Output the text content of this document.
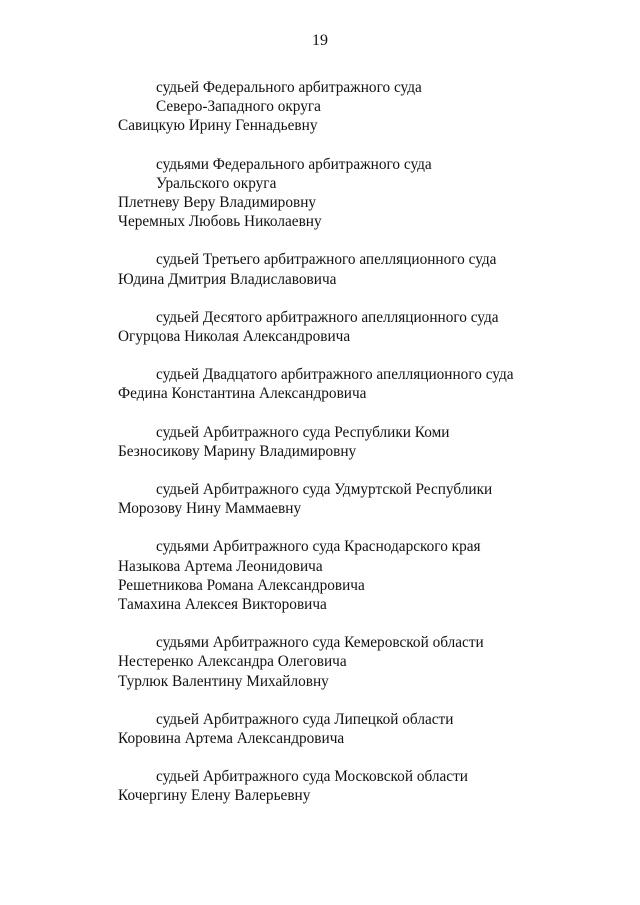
19
судьей Федерального арбитражного суда
Северо-Западного округа
Савицкую Ирину Геннадьевну
судьями Федерального арбитражного суда
Уральского округа
Плетневу Веру Владимировну
Черемных Любовь Николаевну
судьей Третьего арбитражного апелляционного суда
Юдина Дмитрия Владиславовича
судьей Десятого арбитражного апелляционного суда
Огурцова Николая Александровича
судьей Двадцатого арбитражного апелляционного суда
Федина Константина Александровича
судьей Арбитражного суда Республики Коми
Безносикову Марину Владимировну
судьей Арбитражного суда Удмуртской Республики
Морозову Нину Маммаевну
судьями Арбитражного суда Краснодарского края
Назыкова Артема Леонидовича
Решетникова Романа Александровича
Тамахина Алексея Викторовича
судьями Арбитражного суда Кемеровской области
Нестеренко Александра Олеговича
Турлюк Валентину Михайловну
судьей Арбитражного суда Липецкой области
Коровина Артема Александровича
судьей Арбитражного суда Московской области
Кочергину Елену Валерьевну
